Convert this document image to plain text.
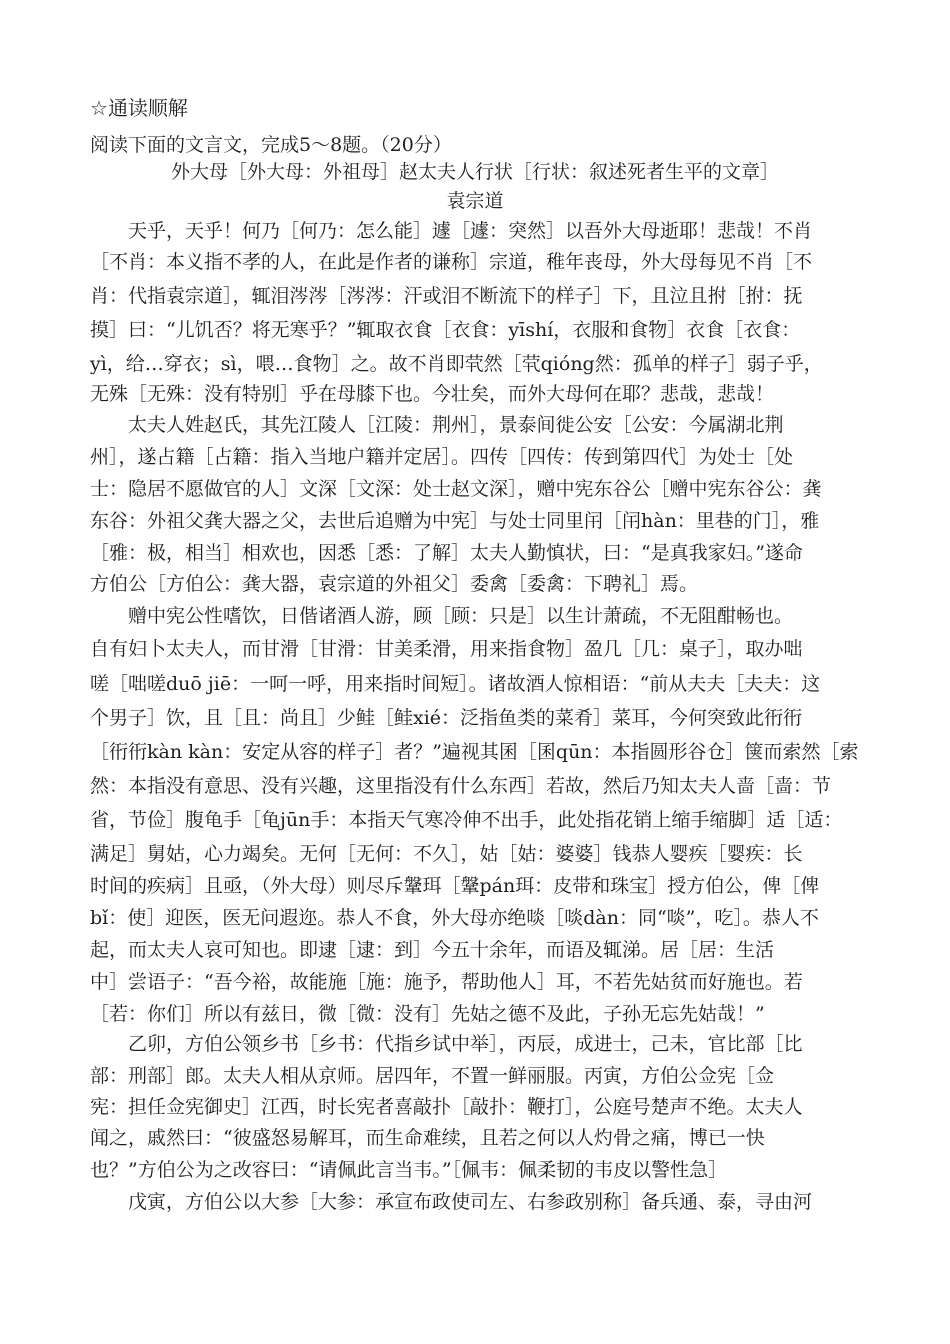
☆通读顺解
阅读下面的文言文，完成5～8题。（20分）
外大母［外大母：外祖母］赵太夫人行状［行状：叙述死者生平的文章］
袁宗道
天乎，天乎！何乃［何乃：怎么能］遽［遽：突然］以吾外大母逝耶！悲哉！不肖
［不肖：本义指不孝的人，在此是作者的谦称］宗道，稚年丧母，外大母每见不肖［不
肖：代指袁宗道］，辄泪涔涔［涔涔：汗或泪不断流下的样子］下，且泣且拊［拊：抚
摸］曰：“儿饥否？将无寒乎？”辄取衣食［衣食：yīshí，衣服和食物］衣食［衣食：
yì，给…穿衣；sì，喂…食物］之。故不肖即茕然［茕qióng然：孤单的样子］弱子乎，
无殊［无殊：没有特别］乎在母膝下也。今壮矣，而外大母何在耶？悲哉，悲哉！
太夫人姓赵氏，其先江陵人［江陵：荆州］，景泰间徙公安［公安：今属湖北荆
州］，遂占籍［占籍：指入当地户籍并定居］。四传［四传：传到第四代］为处士［处
士：隐居不愿做官的人］文深［文深：处士赵文深］，赠中宪东谷公［赠中宪东谷公：龚
东谷：外祖父龚大器之父，去世后追赠为中宪］与处士同里闬［闬hàn：里巷的门］，雅
［雅：极，相当］相欢也，因悉［悉：了解］太夫人勤慎状，曰：“是真我家妇。”遂命
方伯公［方伯公：龚大器，袁宗道的外祖父］委禽［委禽：下聘礼］焉。
赠中宪公性嗜饮，日偕诸酒人游，顾［顾：只是］以生计萧疏，不无阻酣畅也。
自有妇卜太夫人，而甘滑［甘滑：甘美柔滑，用来指食物］盈几［几：桌子］，取办咄
嗟［咄嗟duō jiē：一呵一呼，用来指时间短］。诸故酒人惊相语：“前从夫夫［夫夫：这
个男子］饮，且［且：尚且］少鲑［鲑xié：泛指鱼类的菜肴］菜耳，今何突致此衎衎
［衎衎kàn kàn：安定从容的样子］者？”遍视其囷［囷qūn：本指圆形谷仓］箧而索然［索
然：本指没有意思、没有兴趣，这里指没有什么东西］若故，然后乃知太夫人啬［啬：节
省，节俭］腹龟手［龟jūn手：本指天气寒冷伸不出手，此处指花销上缩手缩脚］适［适：
满足］舅姑，心力竭矣。无何［无何：不久］，姑［姑：婆婆］钱恭人婴疾［婴疾：长
时间的疾病］且亟，（外大母）则尽斥鞶珥［鞶pán珥：皮带和珠宝］授方伯公，俾［俾
bǐ：使］迎医，医无问遐迩。恭人不食，外大母亦绝啖［啖dàn：同“啖”，吃］。恭人不
起，而太夫人哀可知也。即逮［逮：到］今五十余年，而语及辄涕。居［居：生活
中］尝语子：“吾今裕，故能施［施：施予，帮助他人］耳，不若先姑贫而好施也。若
［若：你们］所以有兹日，微［微：没有］先姑之德不及此，子孙无忘先姑哉！”
乙卯，方伯公领乡书［乡书：代指乡试中举］，丙辰，成进士，己未，官比部［比
部：刑部］郎。太夫人相从京师。居四年，不置一鲜丽服。丙寅，方伯公佥宪［佥
宪：担任佥宪御史］江西，时长宪者喜敲扑［敲扑：鞭打］，公庭号楚声不绝。太夫人
闻之，戚然曰：“彼盛怒易解耳，而生命难续，且若之何以人灼骨之痛，博已一快
也？”方伯公为之改容曰：“请佩此言当韦。”［佩韦：佩柔韧的韦皮以警性急］
戊寅，方伯公以大参［大参：承宣布政使司左、右参政别称］备兵通、泰，寻由河
